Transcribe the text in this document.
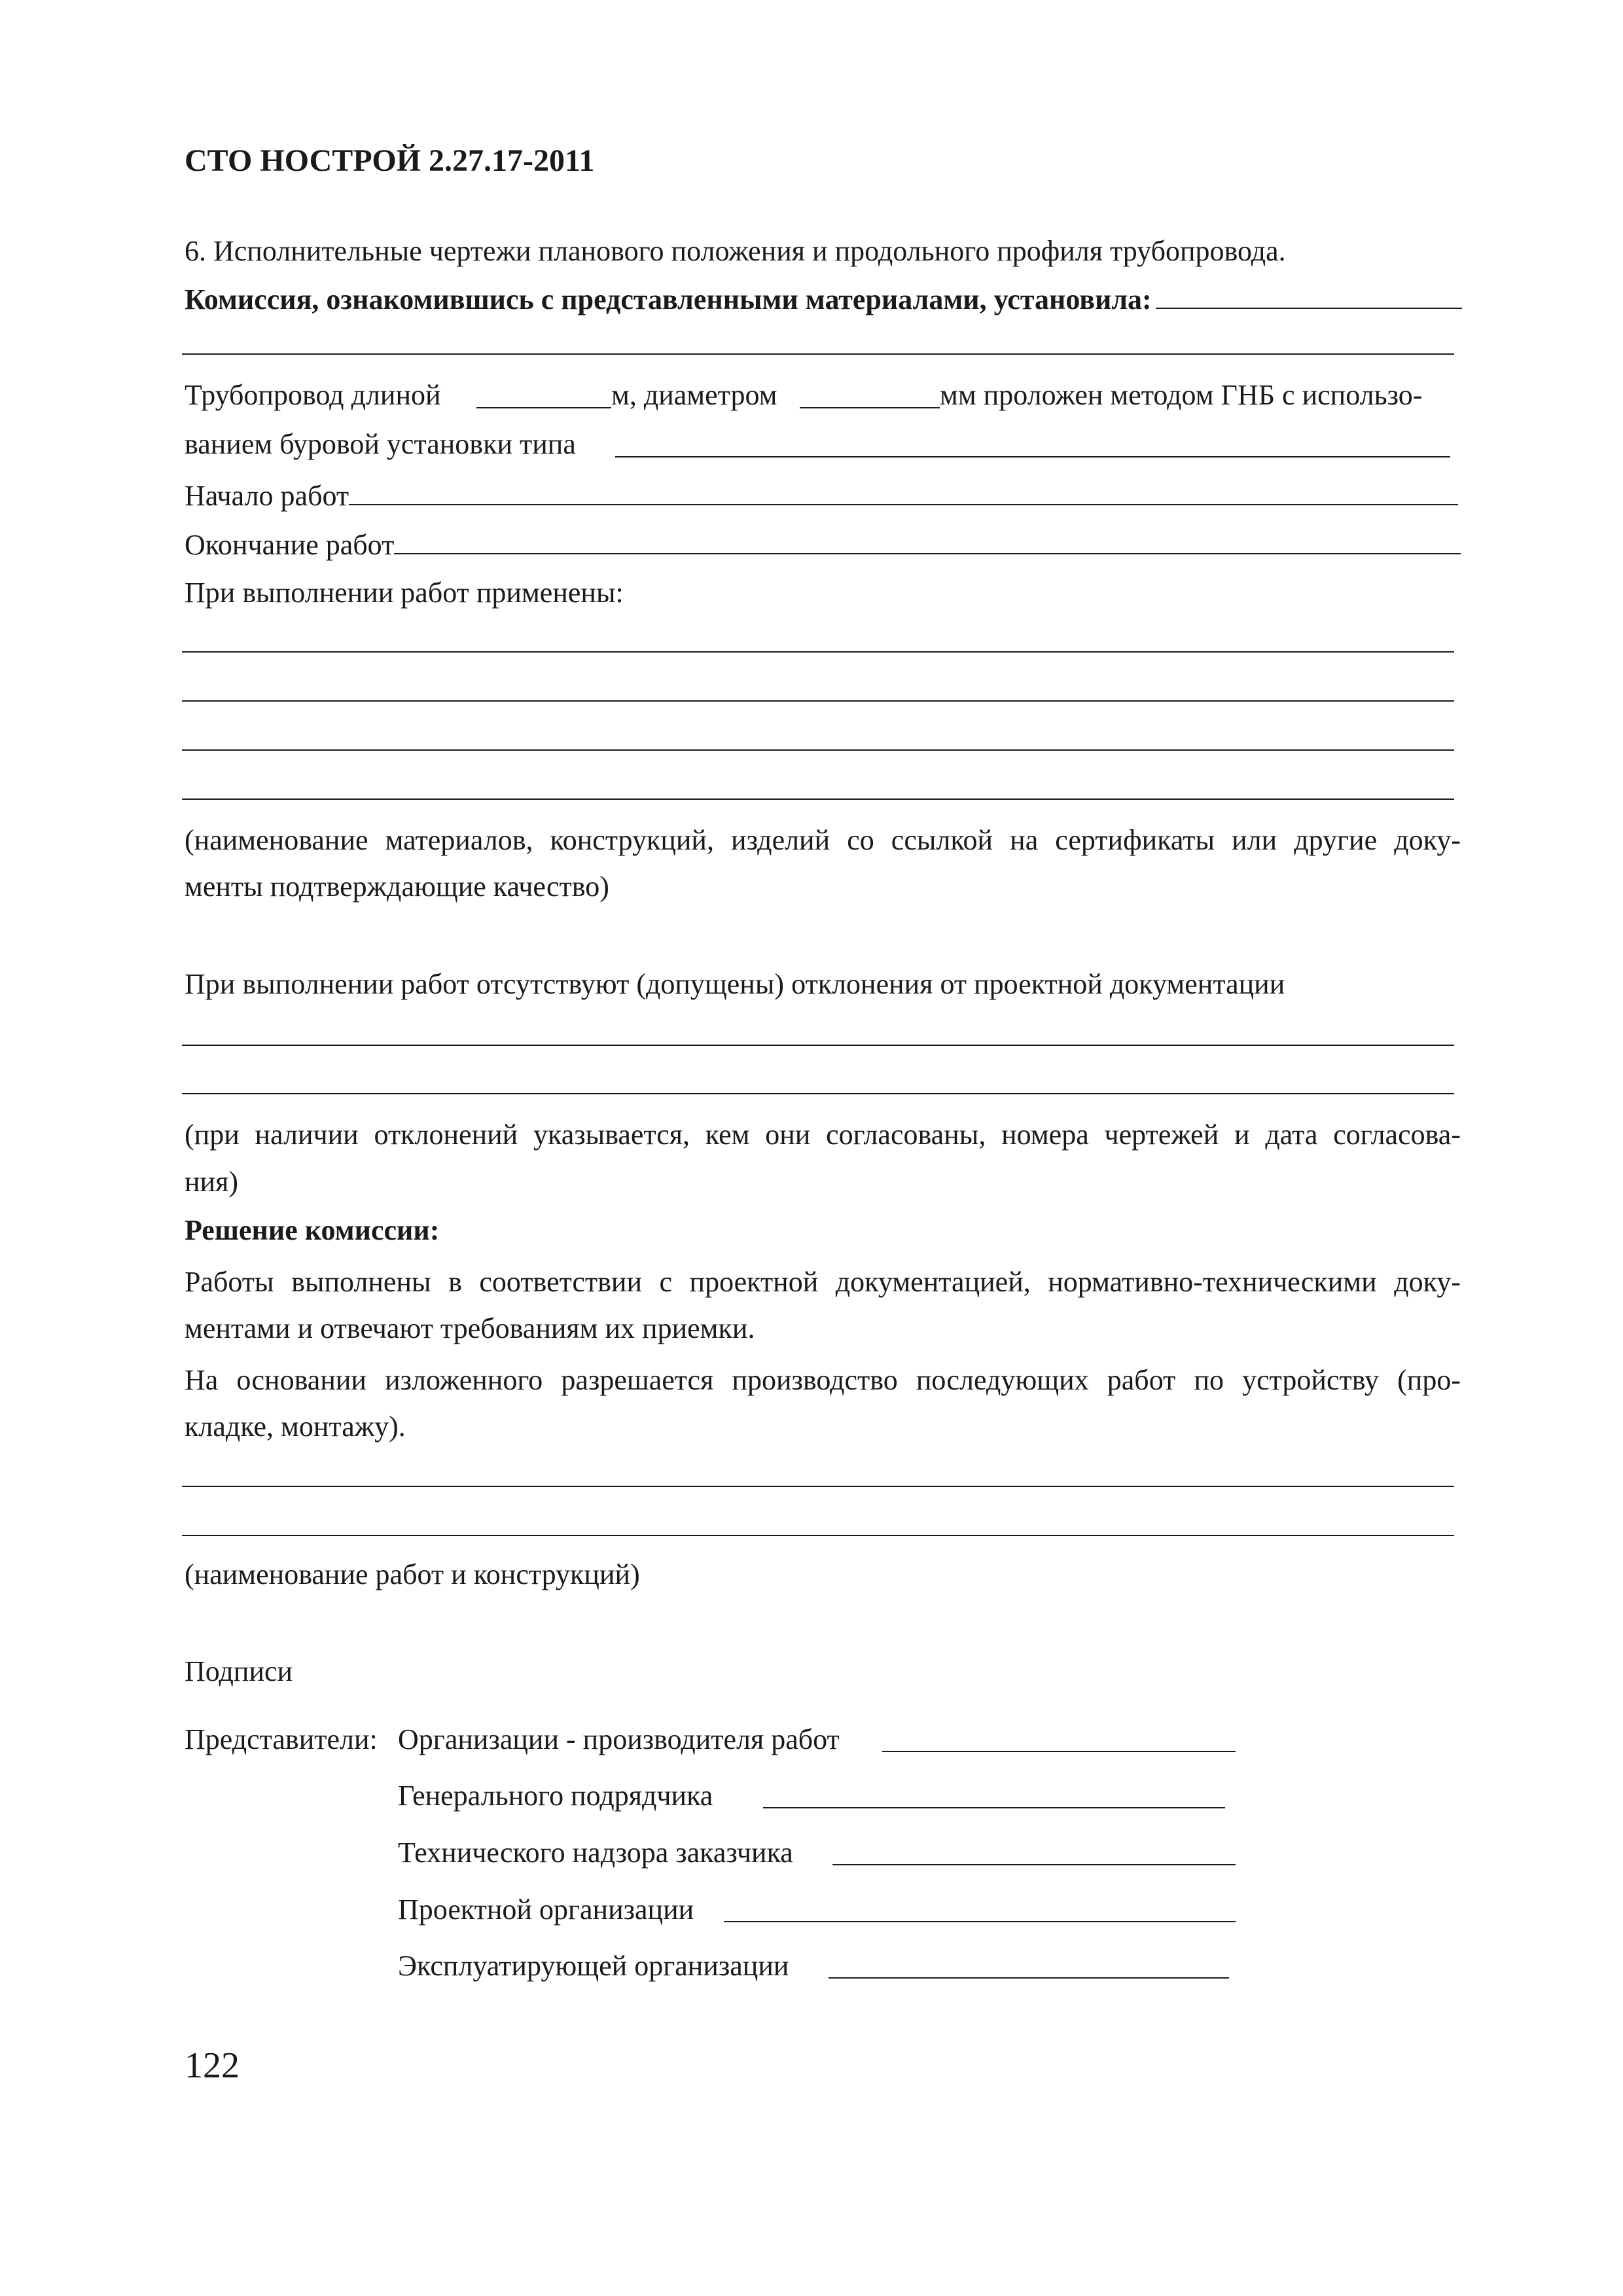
СТО НОСТРОЙ 2.27.17-2011
6. Исполнительные чертежи планового положения и продольного профиля трубопровода.
Комиссия, ознакомившись с представленными материалами, установила:
Трубопровод длиной	м, диаметром	мм проложен методом ГНБ с использо-
ванием буровой установки типа
Начало работ
Окончание работ
При выполнении работ применены:
(наименование материалов, конструкций, изделий со ссылкой на сертификаты или другие доку-
менты подтверждающие качество)
При выполнении работ отсутствуют (допущены) отклонения от проектной документации
(при наличии отклонений указывается, кем они согласованы, номера чертежей и дата согласова-
ния)
Решение комиссии:
Работы выполнены в соответствии с проектной документацией, нормативно-техническими доку-
ментами и отвечают требованиям их приемки.
На основании изложенного разрешается производство последующих работ по устройству (про-
кладке, монтажу).
(наименование работ и конструкций)
Подписи
Представители: Организации - производителя работ
Генерального подрядчика
Технического надзора заказчика
Проектной организации
Эксплуатирующей организации
122
